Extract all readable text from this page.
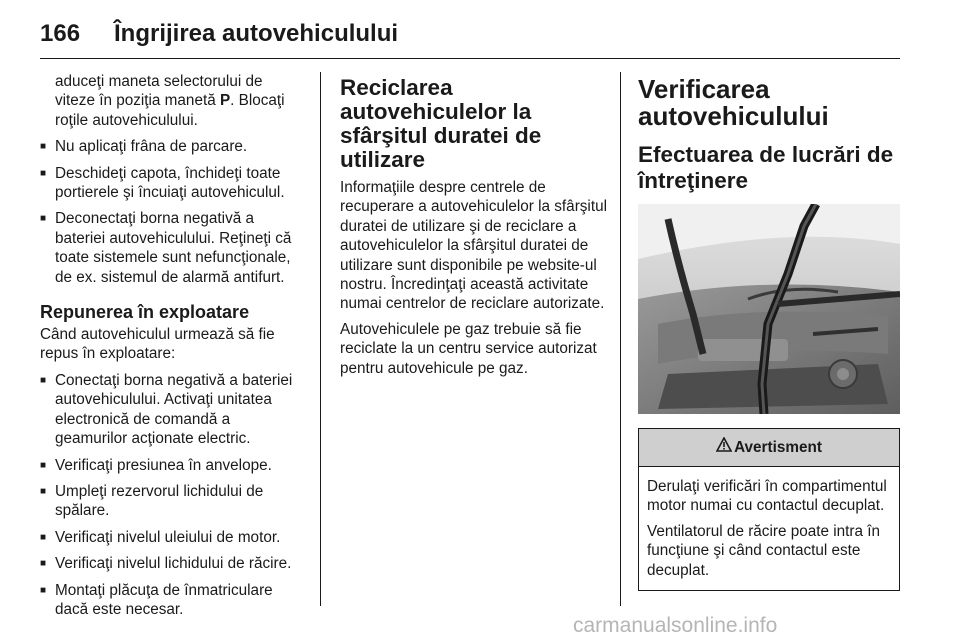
166 Îngrijirea autovehiculului

aduceţi maneta selectorului de viteze în poziţia manetă P. Blocaţi roţile autovehiculului.

■ Nu aplicaţi frâna de parcare.
■ Deschideţi capota, închideţi toate portierele şi încuiaţi autovehiculul.
■ Deconectaţi borna negativă a bateriei autovehiculului. Reţineţi că toate sistemele sunt nefuncţionale, de ex. sistemul de alarmă antifurt.
Repunerea în exploatare

Când autovehiculul urmează să fie repus în exploatare:

■ Conectaţi borna negativă a bateriei autovehiculului. Activaţi unitatea electronică de comandă a geamurilor acţionate electric.
■ Verificaţi presiunea în anvelope.
■ Umpleţi rezervorul lichidului de spălare.
■ Verificaţi nivelul uleiului de motor.
■ Verificaţi nivelul lichidului de răcire.
■ Montaţi plăcuţa de înmatriculare dacă este necesar.
Reciclarea autovehiculelor la sfârşitul duratei de utilizare

Informaţiile despre centrele de recuperare a autovehiculelor la sfârşitul duratei de utilizare şi de reciclare a autovehiculelor la sfârşitul duratei de utilizare sunt disponibile pe website-ul nostru. Încredinţaţi această activitate numai centrelor de reciclare autorizate.

Autovehiculele pe gaz trebuie să fie reciclate la un centru service autorizat pentru autovehicule pe gaz.

Verificarea autovehiculului
Efectuarea de lucrări de întreţinere
Avertisment

Derulaţi verificări în compartimentul motor numai cu contactul decuplat.

Ventilatorul de răcire poate intra în funcţiune şi când contactul este decuplat.

carmanualsonline.info
